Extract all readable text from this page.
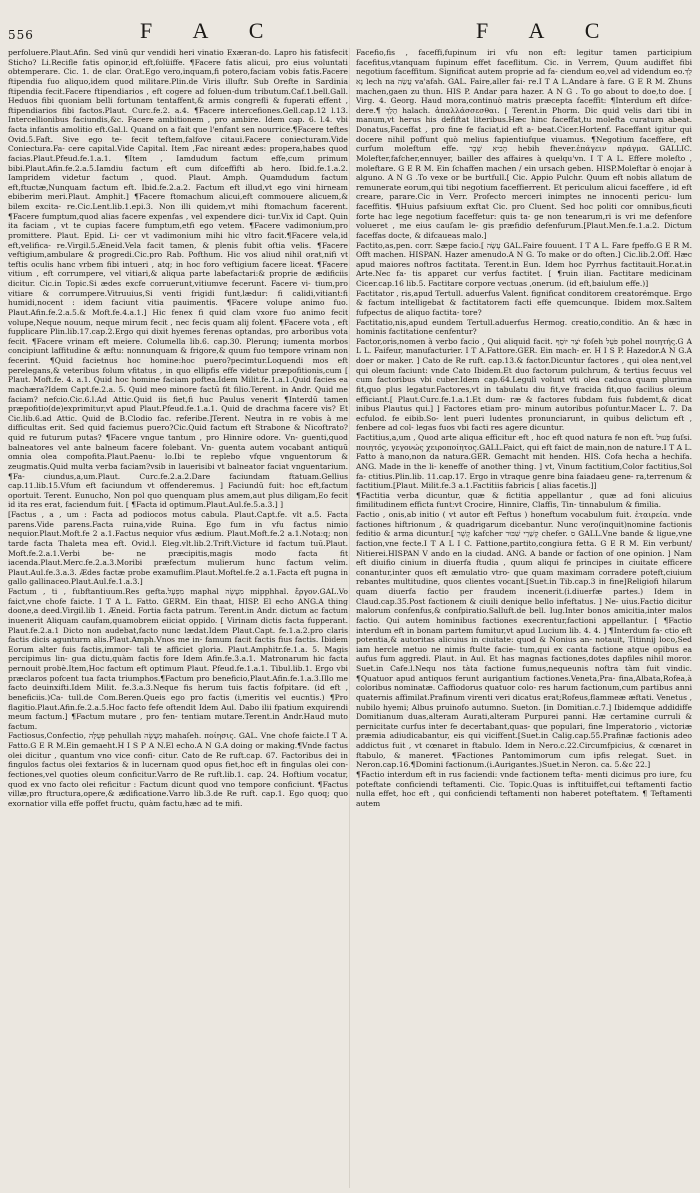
556	F A C	F A C

perfoluere.Plaut.Afin. Sed vinū qur vendidi heri vinatio Exæran-do. Lapro his fatisfecit Sticho? Li.Recifle fatis opinor,id eft,folüiffe. ¶Facere fatis alicui, pro eius voluntati obtemperare. Cic. 1. de clar. Orat.Ego vero,inquam,fi potero,faciam vobis fatis.Facere ftipendia fuo aliquo,idem quod militare.Plin.de Viris illuftr. Sub Orefte in Sardinia ftipendia fecit.Facere ftipendiarios , eft cogere ad foluen-dum tributum.Caf.1.bell.Gall. Heduos fibi quoniam belli fortunam tentaffent,& armis congrefli & fuperati effent , ftipendiarios fibi factos.Plaut. Curc.fe.2. a.4. ¶Facere intercefiones.Gell.cap.12 l.13. Intercellionibus faciundis,&c. Facere ambitionem , pro ambire. Idem cap. 6. l.4. vbi facta infantis amolitio eft.Gal.l. Quand on a fait que l'enfant sen nourrice.¶Facere teftes Ovid.5.Faft. Sive ego te- fecit teftem,falfove citaui.Facere coniecturam.Vide Coniectura.Fa- cere capital.Vide Capital. Item ,Fac nireant ædes: propera,habes quod facias.Plaut.Pfeud.fe.1.a.1. ¶Item , Iamdudum factum effe,cum primum bibi.Plaut.Afin.fe.2.a.5.Iamdiu factum eft cum difceffifti ab hero. Ibid.fe.1.a.2. Iampridem videtur factum , quod. Plaut. Amph. Quamdudum factum eft,ftuctæ,Nunquam factum eft. Ibid.fe.2.a.2. Factum eft illud,vt ego vini hirneam ebiberim meri.Plaut. Amphit.] ¶Facere ftomachum alicui,eft commouere alicuem,& bilem excita- re.Cic.Lent.lib.1.epi.3. Non illi quidem,vt mihi ftomachum facerent. ¶Facere fumptum,quod alias facere expenfas , vel expendere dici- tur.Vix id Capt. Quin ita faciam , vt te cupias facere fumptum,etfi ego vetem. ¶Facere vadimonium,pro promittere. Plaut. Epid. Li- cer vt vadimonium mihi hic vltro facit.¶Facere vela,id eft,velifica- re.Virgil.5.Æneid.Vela facit tamen, & plenis fubit oftia velis. ¶Facere veftigium,ambulare & progredi.Cic.pro Rab. Pofthum. Hic vos aliud nihil orat,nifi vt teftis oculis hanc vrbem fibi intueri , atq; in hoc foro veftigium facere liceat. ¶Facere vitium , eft corrumpere, vel vitiari,& aliqua parte labefactari:& proprie de ædificiis dicitur. Cic.in Topic.Si ædes excfe corruerunt,vitiumve fecerunt. Facere vi- tium,pro vitiare & corrumpere.Vitruuius,Si venti frigidi funt,lædur: fi calidi,vitiant:fi humidi,nocent : idem faciunt vitia pauimentis. ¶Facere volupe animo fuo. Plaut.Afin.fe.2.a.5.& Moft.fe.4.a.1.] Hic fenex fi quid clam vxore fuo animo fecit volupe,Neque nouum, neque mirum fecit , nec fecis quam alij folent. ¶Facere vota , eft fupplicare Plin.lib.17.cap.2.Ergo qui dixit hyemes ferenas optandas, pro arboribus vota fecit. ¶Facere vrinam eft meiere. Columella lib.6. cap.30. Plerunq; iumenta morbos concipiunt laffitudine & æftu: nonnunquam & frigore,& quum fuo tempore vrinam non fecerint. ¶Quid facietnus hoc homine:hoc puero?pecimtur.Loquendi mos eft perelegans,& veteribus folum vfitatus , in quo ellipfis effe videtur præpofitionis,cum [ Plaut. Moft.fe. 4. a.1. Quid hoc homine faciam poftea.Idem Milit.fe.1.a.1.Quid facies ea machæra?Idem Capt.fe.2.a. 5. Quid meo minore factū fit filio.Terent. in Andr. Quid me faciam? nefcio.Cic.6.l.Ad Attic.Quid iis fiet,fi huc Paulus venerit ¶Interdū tamen præpofitio(de)exprimitur,vt apud Plaut.Pfeud.fe.1.a.1. Quid de drachma facere vis? Et Cic.lib.6.ad Attic. Quid de B.Clodio fac. referibe.]Terent. Neutra in re vobis à me difficultas erit. Sed quid faciemus puero?Cic.Quid factum eft Strabone & Nicoftrato?quid re futurum putas? ¶Facere vngue tantum , pro Hinnire odore. Vn- guenti,quod balneatores vel ante balneum facere folebant. Vn- guenta autem vocabant antiquū omnia olea compofita.Plaut.Paenu- lo.Ibi te replebo vfque vnguentorum & zeugmatis.Quid multa verba faciam?vsib in lauerisibi vt balneator faciat vnguentarium. ¶Fa- ciundus,a,um.Plaut. Curc.fe.2.a.2.Dare faciundam ftatuam.Gellius cap.11.lib.15.Vfum eft faciundum vt offenderemus. ] Faciundū fuit: hoc eft,factum oportuit. Terent. Eunucho, Non pol quo quenquam plus amem,aut plus diligam,Eo fecit id ita res erat, faciendum fuit. [ ¶Facta id optimum.Plaut.Aul.fe.5.a.3.] ]

[Factus , a , um : Facta ad podiocos motus cabula. Plaut.Capt.fe. vlt a.5. Facta parens.Vide parens.Facta ruina,vide Ruina. Ego fum in vfu factus nimio nequior.Plaut.Moft.fe 2 a.1.Factus nequior vfus ædium. Plaut.Moft.fe.2 a.1.Nota:q; non tarde facta Thaleta mea eft. Ovid.l. Eleg.vlt.lib.2.Trift.Victure id factum tuū.Plaut. Moft.fe.2.a.1.Verbi be- ne præcipitis,magis modo facta fit iacenda.Plaut.Merc.fe.2.a.3.Moribi præfectum mulierum hunc factum velim. Plaut.Aul.fe.3.a.3. Ædes factæ probe examuflim.Plaut.Moftel.fe.2 a.1.Facta eft pugna in gallo gallinaceo.Plaut.Aul.fe.1.a.3.]

Factum , ti , fubftantiuum.Res gefta.מִפְעָל maphal מִעֲשֶׂה mipphhal. ἔργον.GAL.Vo faict,vne chofe faicte. I T A L. Fatto. GERM. Ein thaat, HISP. El echo ANG.A thing doone,a deed.Virgil.lib 1. Æneid. Fortia facta patrum. Terent.in Andr. dictum ac factum inuenerit Aliquam caufam,quamobrem eiiciat oppido. [ Virinam dictis facta fupperant. Plaut.fe.2.a.1 Dicto non audebat,facto nunc lædat.Idem Plaut.Capt. fe.1.a.2.pro claris factis dicis agunturm alis.Plaut.Amph.Vnos me in- famum facit factis fius factis. Ibidem Eorum alter fuis factis,immor- tali te afficiet gloria. Plaut.Amphitr.fe.1.a. 5. Magis percipimus lin- gua dictu,quàm factis fore Idem Afin.fe.3.a.1. Matronarum hic facta pernouit probè.Item,Hoc factum eft optimum Plaut. Pfeud.fe.1.a.1. Tibul.lib.1. Ergo vbi præclaros pofcent tua facta triumphos.¶Factum pro beneficio,Plaut.Afin.fe.1.a.3.Illo me facto deuinxifti.Idem Milit. fe.3.a.3.Neque fis herum tuis factis fofpitare. (id eft , beneficiis.)Ca- tull.de Com.Beren.Queis ego pro factis (i,meritis vel eucntis.) ¶Pro flagitio.Plaut.Afin.fe.2.a.5.Hoc facto fefe oftendit Idem Aul. Dabo ilii fpatium exquirendi meum factum.] ¶Factum mutare , pro fen- tentiam mutare.Terent.in Andr.Haud muto factum.

Factiosus,Confectio, פְּעֻלָּה pehullah מַעֲשֶׂה mahaſeh. ποίησις. GAL. Vne chofe faicte.I T A. Fatto.G E R M.Ein gemaeht.H I S P A N.El echo.A N G.A doing or making.¶Vnde factus olei dicitur , quantum vno vice confi- citur. Cato de Re ruft.cap. 67. Factoribus dei in fingulos factus olei fextarios & in lucernam quod opus fiet,hoc eft in fingulas olei con- fectiones,vel quoties oleum conficitur.Varro de Re ruft.lib.1. cap. 24. Hoftium vocatur, quod ex vno facto olei reficitur : Factum dicunt quod vno tempore conficiunt. ¶Factus villæ,pro ftructura,opere,& ædificatione.Varro lib.3.de Re ruft. cap.1. Ego quoq; quo exornatior villa effe poffet fructu, quàm factu,hæc ad te mifi.

Facefio,fis , faceffi,fupinum iri vfu non eft: legitur tamen participium facefitus,vtanquam fupinum effet faceflitum. Cic. in Verrem, Quum audiffet fibi negotium faceffitum. Significat autem proprie ad fa- ciendum eo,vel ad videndum eo.לֵךְ נָא lech na עֲשֵׂה va'afah. GAL. Faire,aller fai- re.I T A L.Andare à fare. G E R M. Zhuns machen,gaen zu thun. HIS P. Andar para hazer. A N G . To go about to doe,to doe. [ Virg. 4. Georg. Haud mora,continuò matris præcepta faceffit: ¶Interdum eft difce- dere.¶ הָלַךְ halach. ἀπαλλάσσεσθαι. [ Terent.in Phorm. Dic quid velis dari tibi in manum,vt herus his defiftat literibus.Hæc hinc faceffat,tu molefta curaturn abeat. Donatus,Faceffat , pro fine fe faciat,id eft a- beat.Cicer.Hortenf. Faceffant igitur qui docere nihil poffunt quò melius fapientiufque viuamus. ¶Negotium faceffere, eft curfum moleftum effe. הֶבִיא שֶׁבֶר hebih fhever.ἐπάγειν πράγμα. GALLIC. Molefter,fafcher,ennuyer, bailler des affaires à quelqu'vn. I T A L. Effere moleſto , moleftare. G E R M. Ein ſchaffen machen / ein ursach geben. HISP.Moleftar ò enojar à alguno. A N G .To vexe or be burtfull.[ Cic. Appio Pulchr. Quum eft nobis allatum de remunerate eorum,qui tibi negotium faceffierrent. Et periculum alicui faceffere , id eft creare, parare.Cic in Verr. Profecto merceri inimptes ne innocenti pericu- lum faceffitis. ¶Huius pafsiuum exftat Cic. pro Cluent. Sed hoc politi cor omnibus,ficuti forte hac lege negotium faceffetur: quis ta- ge non tenearum,ri is vri me defenfore volueret , me eius cauſam le- gis præfidio defenfurum.[Plaut.Men.fe.1.a.2. Dictum faceffas docte, & difcaueas malo.]

Factito,as,pen. corr. Sæpe facio.[ עָשָׂה GAL.Faire fouuent. I T A L. Fare fpeffo.G E R M. Offt machen. HISPAN. Hazer amenudo.A N G. To make or do often.] Cic.lib.2.Off. Hæc apud maiores noftros factitata. Terent.in Eun. Idem hoc Pyrrhus factitauit.Hor.at.in Arte.Nec fa- tis apparet cur verfus factitet. [ ¶ruin ilian. Factitare medicinam Cicer.cap.16 lib.5. Factitare corpore vectuas ,onerum. (id eft,baiulum effe.)]

Factitator , ris,apud Tertull. aduerfus Valent. fignificat conditorem creatorémque. Ergo & factum intelligebat & factitatorem facti effe quemcunque. Ibidem mox.Saltem fufpectus de aliquo factita- tore?

Factitatio,nis,apud eundem Tertull.aduerfus Hermog. creatio,conditio. An & hæc in hominis factitatione cenfentur?

Factor,oris,nomen à verbo facio , Qui aliquid facit. יֹצֵר יוֹסֵף foſeh פֹּעֵל pohel ποιητής.G A L L. Faifeur, manufacturier. I T A.Fattore.GER. Ein mach- er. H I S P. Hazedor.A N G.A doer or maker. ] Cato de Re ruft. cap.13.& factor.Dicuntur factores , qui olea nent,vel qui oleum faciunt: vnde Cato Ibidem.Et duo factorum pulchrum, & tertius fecuus vel cum factoribus vbi cuber.Idem cap.64.Legulì volunt vti olea caduca quam plurima fit,quo plus legatur.Factores,vt in tabulatu diu fit,ve fracida fit,quo facilius oleum efficiant.[ Plaut.Curc.fe.1.a.1.Et dum- ræ & factores fubdam fuis fubdemt,& dicat inibus Plautus qui.] ] Factores etiam pro- minum autoribus poſuntur.Macer L. 7. Da ecfulod. fe eibib.So- lent pueri ludentes pronunciarunt, in quibus delictum eft , fenbere ad col- legas fuos vbi facti res agere dicuntur.

Factitius,a,um , Quod arte aliqua efficitur eft , hoc eft quod natura fe non eft. פָּעוּל ſuſsi. ποιητός, γεγονώς χειροποίητος.GALL.Faict, qui eft faict de main,non de nature.I T A L. Fatto à mano,non da natura.GER. Gemacht mit henden. HIS. Cofa hecha a hechifa. ANG. Made in the li- keneffe of another thing. ] vt, Vinum factitium,Color factitius,Sol fa- ctitius.Plin.lib. 11.cap.17. Ergo in vtraque genre bina faiadaeu gene- ra,terrenum & factitium.[Plaut. Milit.fe.3 a.1.Factitiis fabricis [ alias facetis.]]

¶Factitia verba dicuntur, quæ & fictitia appellantur , quæ ad foni alicuius fimilitudinem efficta funt:vt Crocire, Hinnire, Claffis, Tin- tinnabulum & fimilia.

Factio , onis,ab initio ( vt autor eft Feftus ) honeftum vocabulum fuit. ἑταιρεία. vnde factiones hiftrionum , & quadrigarum dicebantur. Nunc vero(inquit)nomine factionis feditio & arma dicuntur.[ קֶשֶׁר kafcher קְשֵׁרֵי שִׁבּוּר chefer. ס GALL.Vne bande & ligue,vne faction,vne fecte.I T A L I C. Fattione,partito,congiura fetta. G E R M. Ein verbunt/ Nitierei.HISPAN V ando en la ciudad. ANG. A bande or faction of one opinion. ] Nam eft diuifio cinium in diuerfa ftudia , quum aliqui fe principes in ciuitate efficere conantur,inter quos eft æmulatio vtro- que quam maximam corradere poteft,ciuium rebantes multitudine, quos clientes vocant.[Suet.in Tib.cap.3 in fine]Religiofi hilarum quam diuerfa factio per fraudem incenerit.(i.diuerfæ partes.) Idem in Claud.cap.35.Post factionem & ciuili denique bello infeftatus. ] Ne- uius.Factio dicitur malorum confenfus,& confpiratio.Salluft.de bell. Iug.Inter bonos amicitia,inter malos factio. Qui autem hominibus factiones execrentur,factioni appellantur. [ ¶Factio interdum eft in bonam partem fumitur,vt apud Lucium lib. 4. 4. ] ¶Interdum fa- ctio eft potentia,& autoritas alicuius in ciuitate: quod & Nonius an- notauit, Titinnij loco,Sed iam hercle metuo ne nimis ftulte facie- tum,qui ex canta factione atque opibus ea aufus fum aggredi. Plaut. in Aul. Et has magnas factiones,dotes dapfiles nihil moror. Suet.in Cafe.l.Nequ nos tàta factione fumus,nequeunis noftra tàm fuit vindic. ¶Quatuor apud antiquos ferunt aurigantium factiones.Veneta,Pra- fina,Albata,Rofea,à coloribus nominatæ. Caffiodorus quatuor colo- res harum factionum,cum partibus anni quaternis affimilat.Prafinum virenti veri dicatus erat;Rofeus,flammeæ æftati. Venetus , nubilo hyemi; Albus pruinofo autumno. Sueton. [in Domitian.c.7.] Ibidemque addidiffe Domitianum duas,alteram Aurati,alteram Purpurei panni. Hæ certamine curruli & pernicitate curfus inter fe decertabant,quas- que populari, fine Imperatorio , victoriæ præmia adiudicabantur, eis qui viciffent.[Suet.in Calig.cap.55.Prafinæ factionis adeo addictus fuit , vt cœnaret in ftabulo. Idem in Nero.c.22.Circumfpicius, & cœnaret in ftabulo, & maneret. ¶Factiones Pantomimorum cum ipfis relegat. Suet. in Neron.cap.16.¶Domini factionum.(i.Aurigantes.)Suet.in Neron. ca. 5.&c 22.]

¶Factio interdum eft in rus faciendi: vnde factionem tefta- menti dicimus pro iure, fcu poteftate conficiendi teftamenti. Cic. Topic.Quas is inftituiffet,cui teftamenti factio nulla effet, hoc eft , qui conficiendi teftamenti non haberet poteftatem. ¶ Teftamenti autem
